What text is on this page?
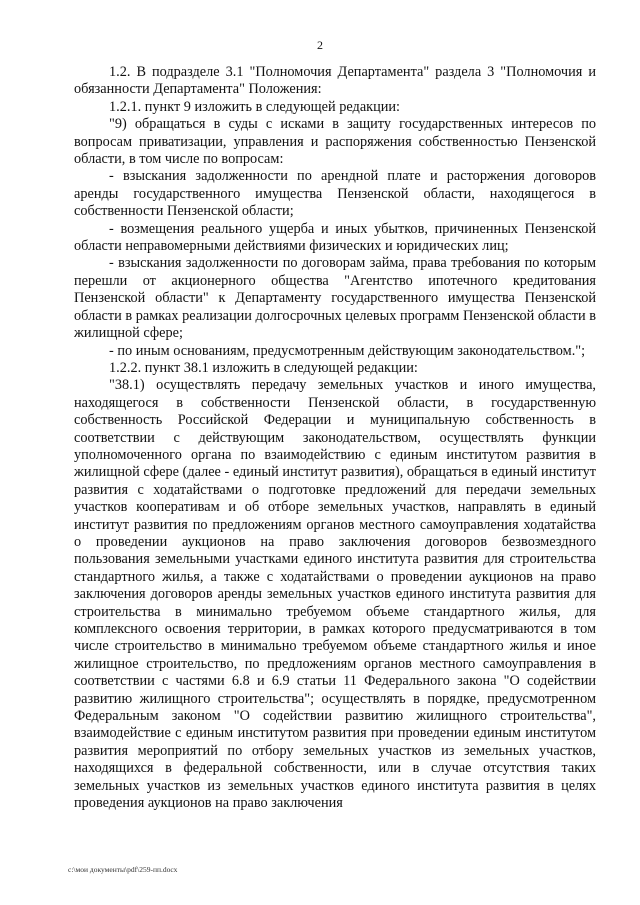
2

1.2. В подразделе 3.1 "Полномочия Департамента" раздела 3 "Полномочия и обязанности Департамента" Положения:

1.2.1. пункт 9 изложить в следующей редакции:

"9) обращаться в суды с исками в защиту государственных интересов по вопросам приватизации, управления и распоряжения собственностью Пензенской области, в том числе по вопросам:

- взыскания задолженности по арендной плате и расторжения договоров аренды государственного имущества Пензенской области, находящегося в собственности Пензенской области;

- возмещения реального ущерба и иных убытков, причиненных Пензенской области неправомерными действиями физических и юридических лиц;

- взыскания задолженности по договорам займа, права требования по которым перешли от акционерного общества "Агентство ипотечного кредитования Пензенской области" к Департаменту государственного имущества Пензенской области в рамках реализации долгосрочных целевых программ Пензенской области в жилищной сфере;

- по иным основаниям, предусмотренным действующим законодательством.";

1.2.2. пункт 38.1 изложить в следующей редакции:

"38.1) осуществлять передачу земельных участков и иного имущества, находящегося в собственности Пензенской области, в государственную собственность Российской Федерации и муниципальную собственность в соответствии с действующим законодательством, осуществлять функции уполномоченного органа по взаимодействию с единым институтом развития в жилищной сфере (далее - единый институт развития), обращаться в единый институт развития с ходатайствами о подготовке предложений для передачи земельных участков кооперативам и об отборе земельных участков, направлять в единый институт развития по предложениям органов местного самоуправления ходатайства о проведении аукционов на право заключения договоров безвозмездного пользования земельными участками единого института развития для строительства стандартного жилья, а также с ходатайствами о проведении аукционов на право заключения договоров аренды земельных участков единого института развития для строительства в минимально требуемом объеме стандартного жилья, для комплексного освоения территории, в рамках которого предусматриваются в том числе строительство в минимально требуемом объеме стандартного жилья и иное жилищное строительство, по предложениям органов местного самоуправления в соответствии с частями 6.8 и 6.9 статьи 11 Федерального закона "О содействии развитию жилищного строительства"; осуществлять в порядке, предусмотренном Федеральным законом "О содействии развитию жилищного строительства", взаимодействие с единым институтом развития при проведении единым институтом развития мероприятий по отбору земельных участков из земельных участков, находящихся в федеральной собственности, или в случае отсутствия таких земельных участков из земельных участков единого института развития в целях проведения аукционов на право заключения

c:\мои документы\pdf\259-пп.docx
